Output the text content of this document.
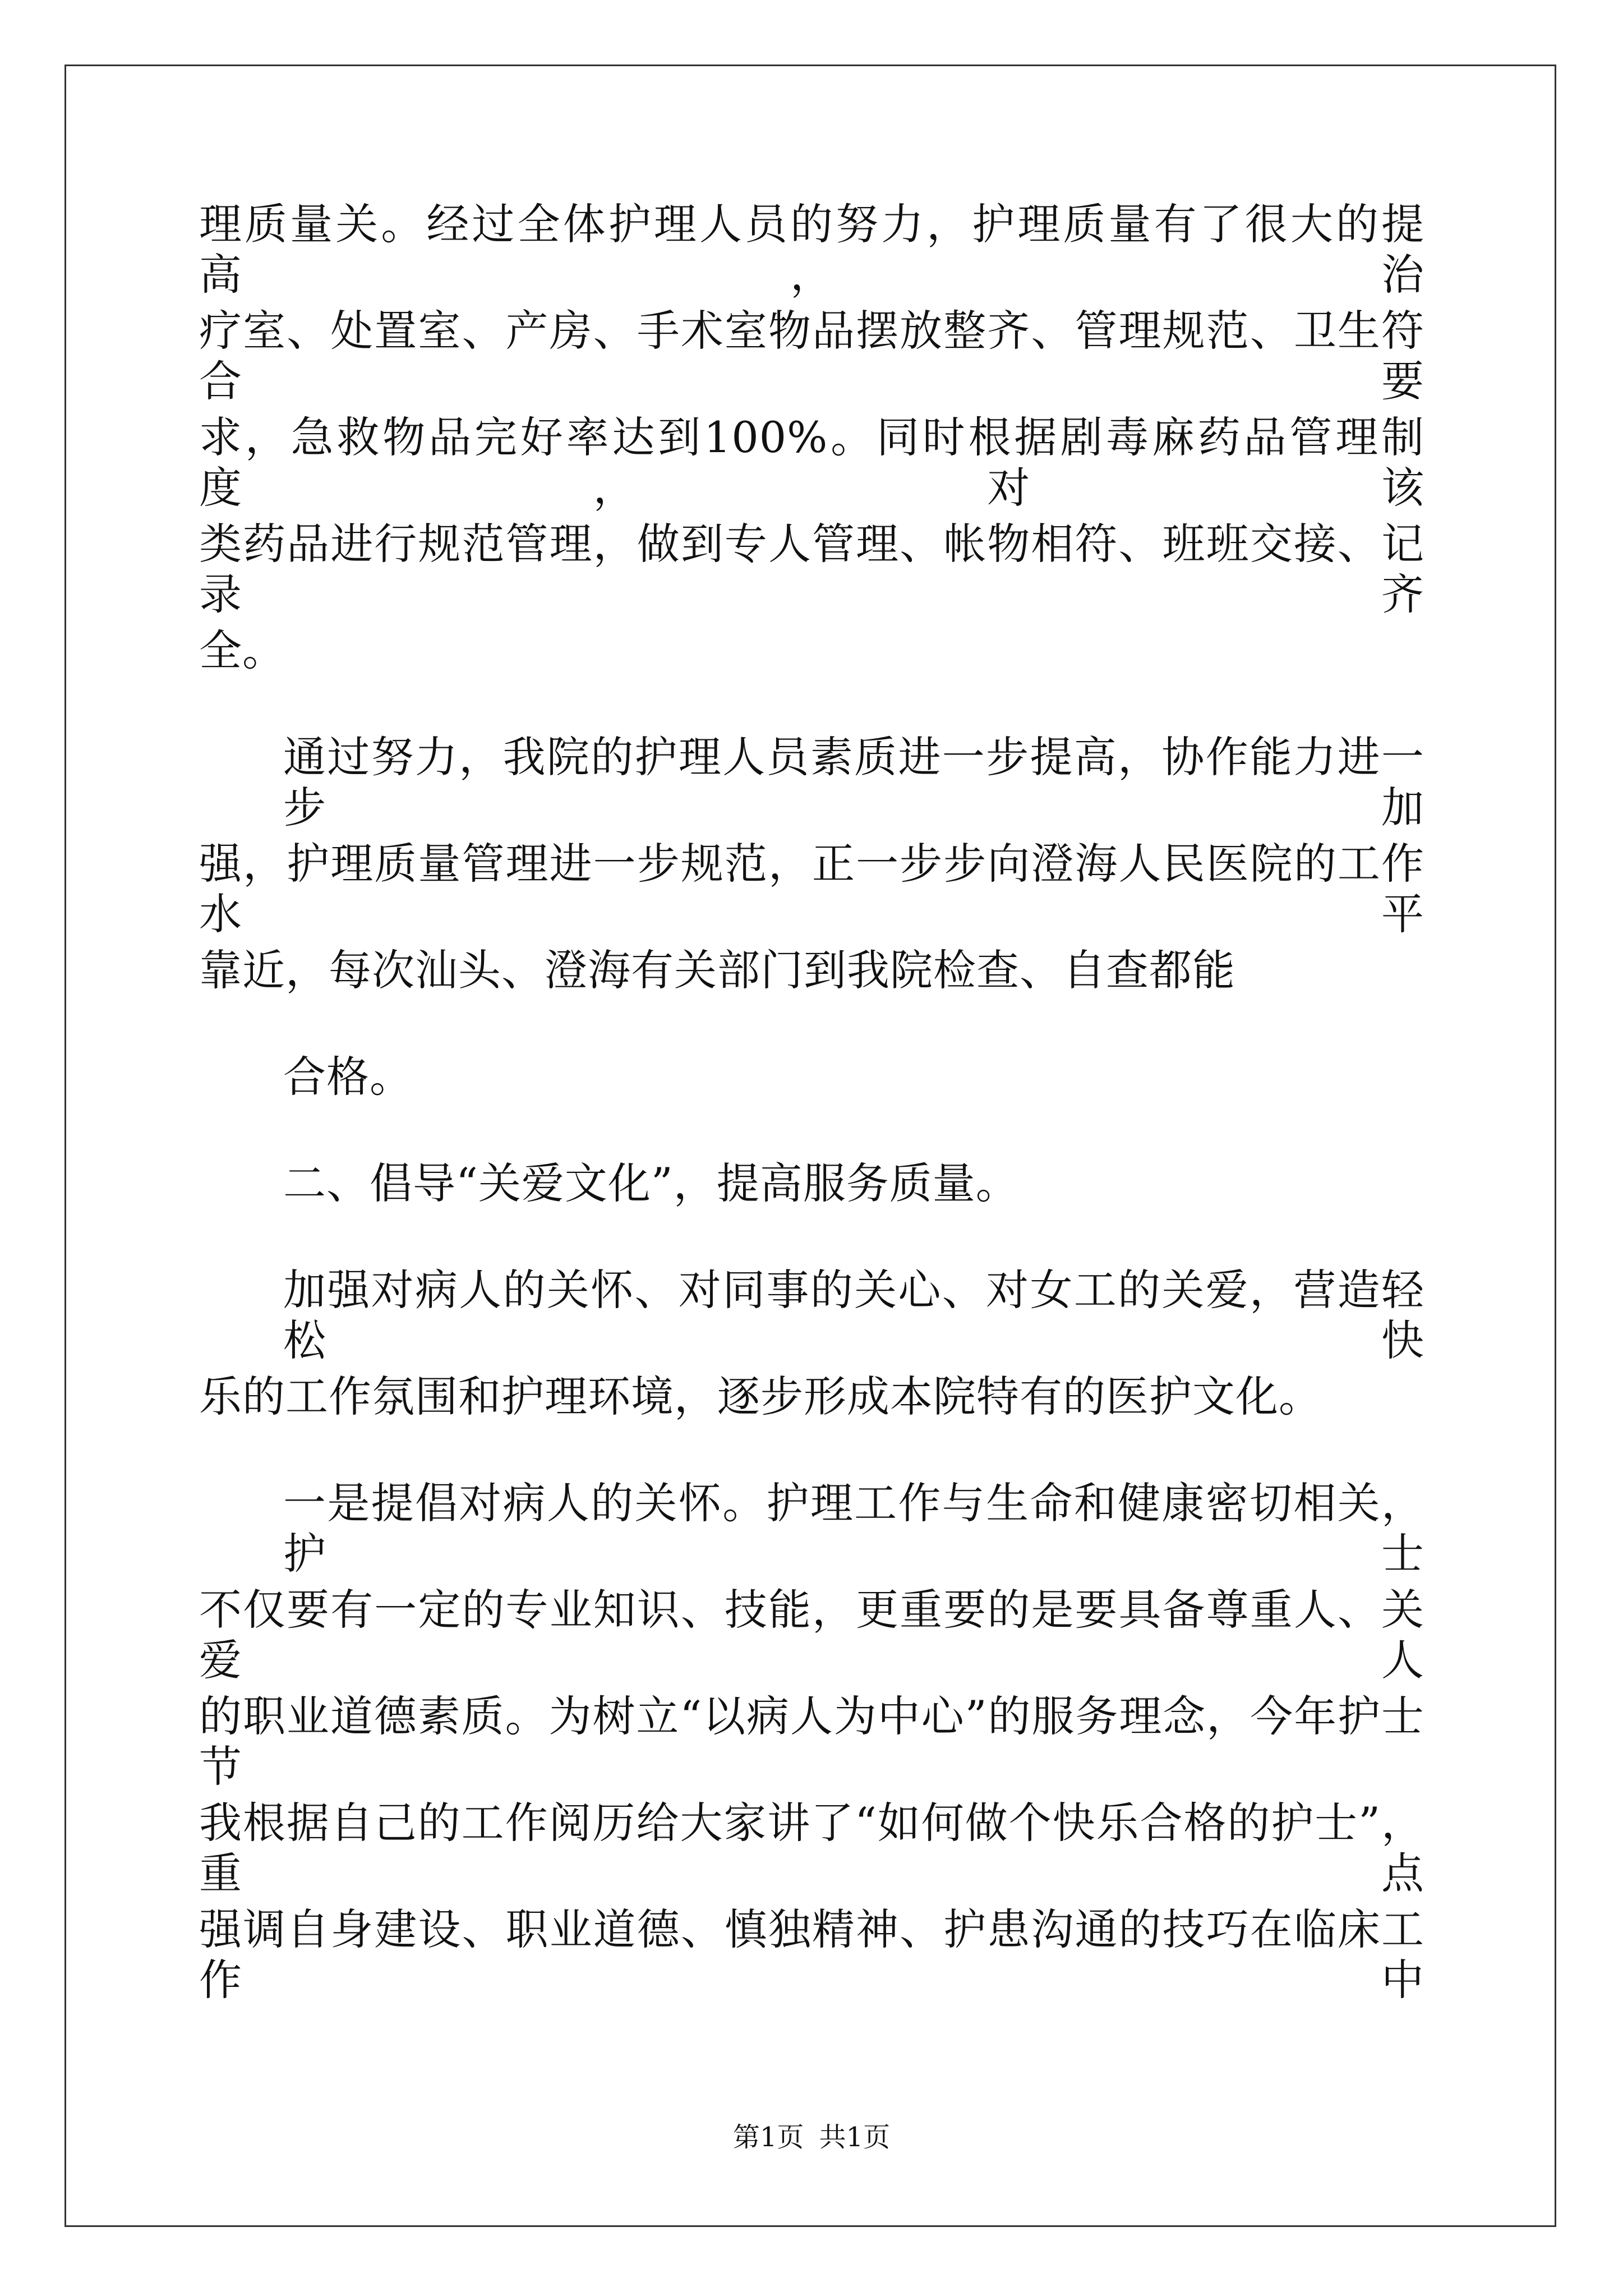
理质量关。经过全体护理人员的努力，护理质量有了很大的提高，治
疗室、处置室、产房、手术室物品摆放整齐、管理规范、卫生符合要
求，急救物品完好率达到100%。同时根据剧毒麻药品管理制度，对该
类药品进行规范管理，做到专人管理、帐物相符、班班交接、记录齐
全。
通过努力，我院的护理人员素质进一步提高，协作能力进一步加
强，护理质量管理进一步规范，正一步步向澄海人民医院的工作水平
靠近，每次汕头、澄海有关部门到我院检查、自查都能
合格。
二、倡导“关爱文化”，提高服务质量。
加强对病人的关怀、对同事的关心、对女工的关爱，营造轻松快
乐的工作氛围和护理环境，逐步形成本院特有的医护文化。
一是提倡对病人的关怀。护理工作与生命和健康密切相关，护士
不仅要有一定的专业知识、技能，更重要的是要具备尊重人、关爱人
的职业道德素质。为树立“以病人为中心”的服务理念，今年护士节
我根据自己的工作阅历给大家讲了“如何做个快乐合格的护士”，重点
强调自身建设、职业道德、慎独精神、护患沟通的技巧在临床工作中
第1页 共1页
